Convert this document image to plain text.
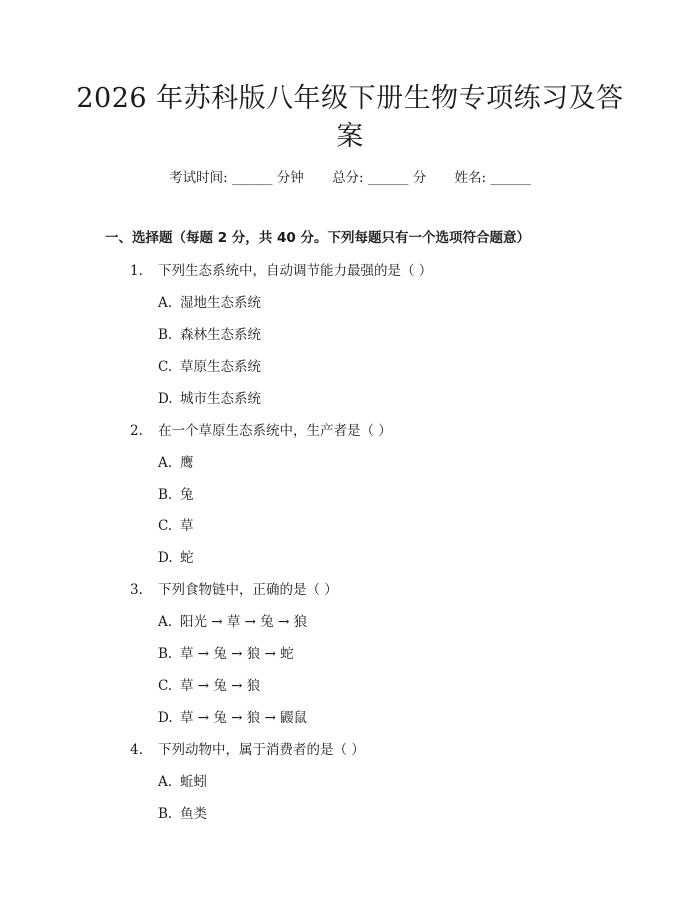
2026 年苏科版八年级下册生物专项练习及答
案
考试时间: ______ 分钟 总分: ______ 分 姓名: ______
一、选择题（每题 2 分，共 40 分。下列每题只有一个选项符合题意）
1. 下列生态系统中，自动调节能力最强的是（ ）
A. 湿地生态系统
B. 森林生态系统
C. 草原生态系统
D. 城市生态系统
2. 在一个草原生态系统中，生产者是（ ）
A. 鹰
B. 兔
C. 草
D. 蛇
3. 下列食物链中，正确的是（ ）
A. 阳光 → 草 → 兔 → 狼
B. 草 → 兔 → 狼 → 蛇
C. 草 → 兔 → 狼
D. 草 → 兔 → 狼 → 鼹鼠
4. 下列动物中，属于消费者的是（ ）
A. 蚯蚓
B. 鱼类
